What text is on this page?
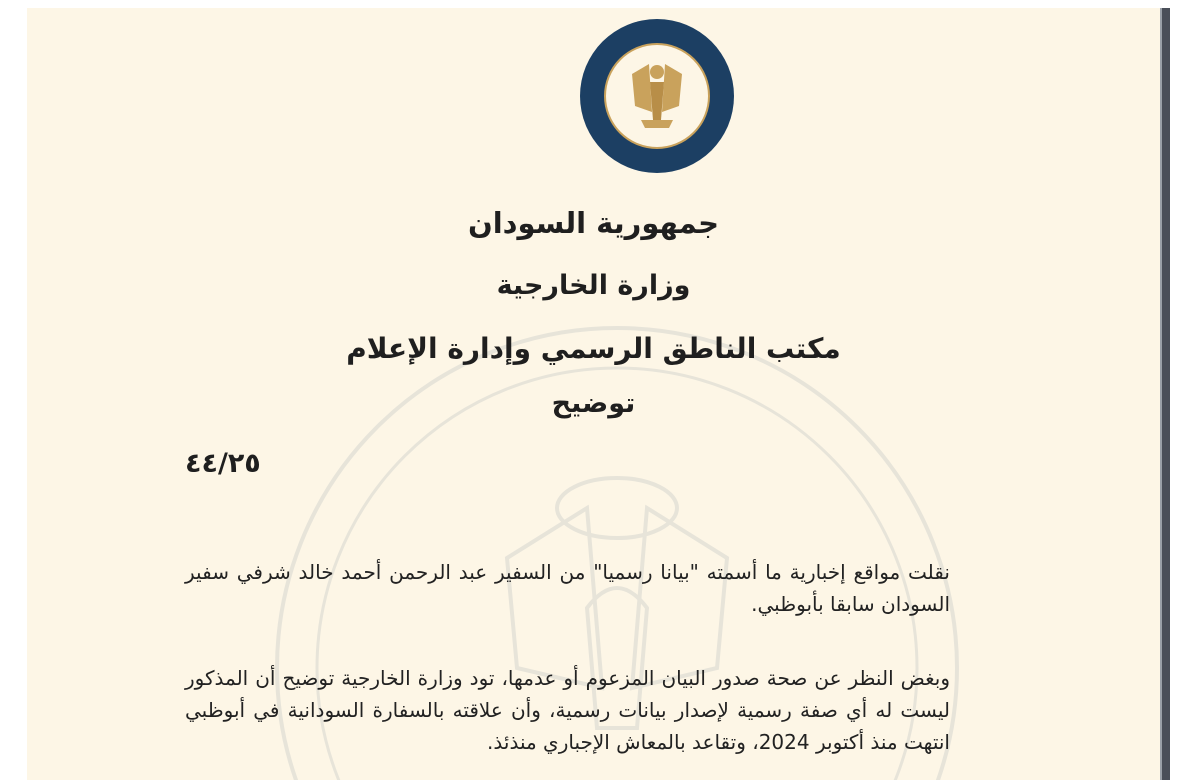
جمهورية السودان
وزارة الخارجية
مكتب الناطق الرسمي وإدارة الإعلام
توضيح
٤٤/٢٥
نقلت مواقع إخبارية ما أسمته "بيانا رسميا" من السفير عبد الرحمن أحمد خالد شرفي سفير السودان سابقا بأبوظبي.
وبغض النظر عن صحة صدور البيان المزعوم أو عدمها، تود وزارة الخارجية توضيح أن المذكور ليست له أي صفة رسمية لإصدار بيانات رسمية، وأن علاقته بالسفارة السودانية في أبوظبي انتهت منذ أكتوبر 2024، وتقاعد بالمعاش الإجباري منذئذ.
